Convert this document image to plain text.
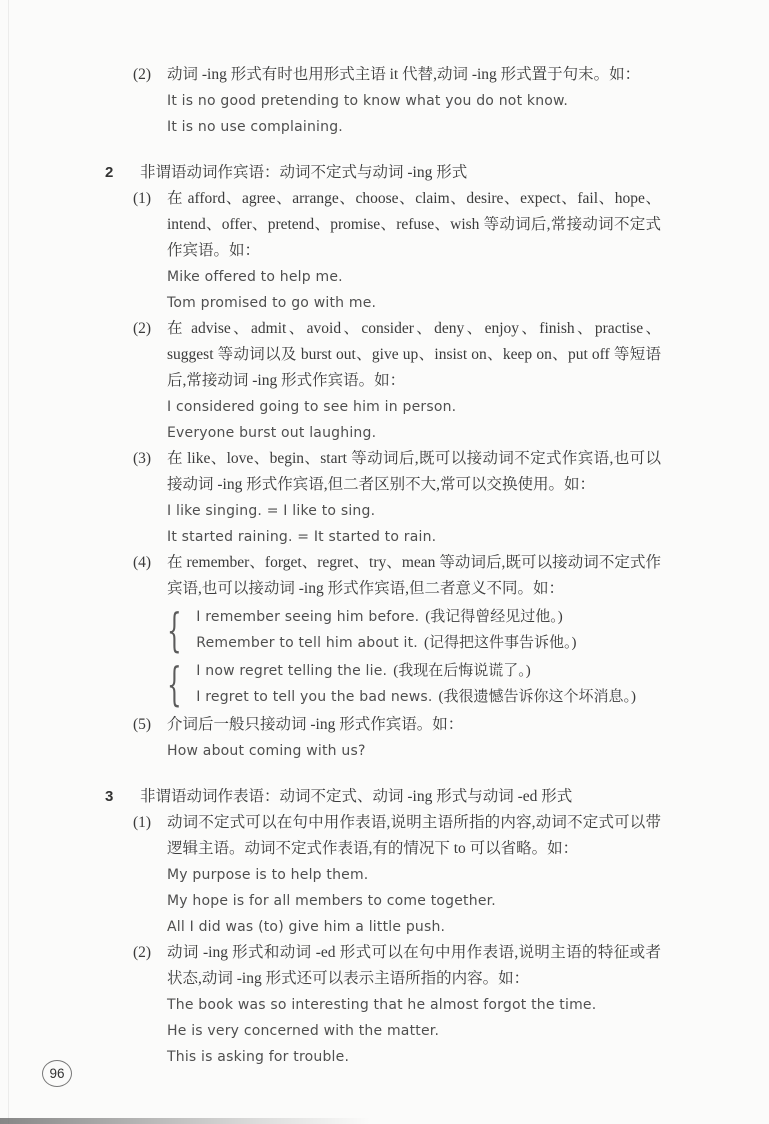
(2)	动词 -ing 形式有时也用形式主语 it 代替,动词 -ing 形式置于句末。如：

It is no good pretending to know what you do not know.

It is no use complaining.

2	非谓语动词作宾语：动词不定式与动词 -ing 形式
(1)	在 afford、agree、arrange、choose、claim、desire、expect、fail、hope、intend、offer、pretend、promise、refuse、wish 等动词后,常接动词不定式作宾语。如：

Mike offered to help me.

Tom promised to go with me.

(2)	在 advise、admit、avoid、consider、deny、enjoy、finish、practise、suggest 等动词以及 burst out、give up、insist on、keep on、put off 等短语后,常接动词 -ing 形式作宾语。如：

I considered going to see him in person.

Everyone burst out laughing.

(3)	在 like、love、begin、start 等动词后,既可以接动词不定式作宾语,也可以接动词 -ing 形式作宾语,但二者区别不大,常可以交换使用。如：

I like singing. = I like to sing.

It started raining. = It started to rain.

(4)	在 remember、forget、regret、try、mean 等动词后,既可以接动词不定式作宾语,也可以接动词 -ing 形式作宾语,但二者意义不同。如：

{

I remember seeing him before. (我记得曾经见过他。)

Remember to tell him about it. (记得把这件事告诉他。)

{

I now regret telling the lie. (我现在后悔说谎了。)

I regret to tell you the bad news. (我很遗憾告诉你这个坏消息。)

(5)	介词后一般只接动词 -ing 形式作宾语。如：

How about coming with us?

3	非谓语动词作表语：动词不定式、动词 -ing 形式与动词 -ed 形式
(1)	动词不定式可以在句中用作表语,说明主语所指的内容,动词不定式可以带逻辑主语。动词不定式作表语,有的情况下 to 可以省略。如：

My purpose is to help them.

My hope is for all members to come together.

All I did was (to) give him a little push.

(2)	动词 -ing 形式和动词 -ed 形式可以在句中用作表语,说明主语的特征或者状态,动词 -ing 形式还可以表示主语所指的内容。如：

The book was so interesting that he almost forgot the time.

He is very concerned with the matter.

This is asking for trouble.

96
